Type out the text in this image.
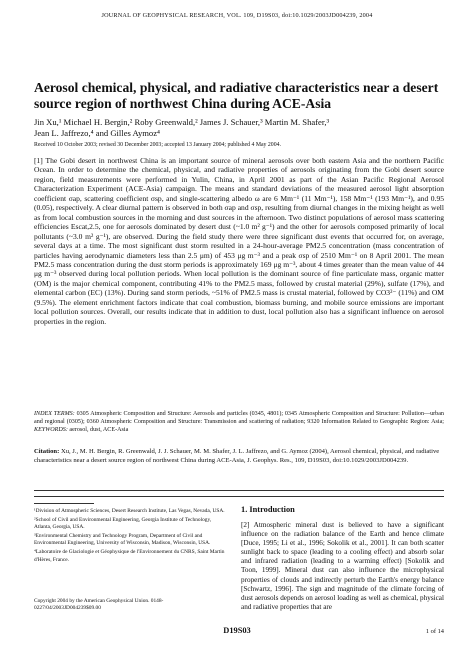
JOURNAL OF GEOPHYSICAL RESEARCH, VOL. 109, D19S03, doi:10.1029/2003JD004239, 2004
Aerosol chemical, physical, and radiative characteristics near a desert source region of northwest China during ACE-Asia
Jin Xu,¹ Michael H. Bergin,² Roby Greenwald,² James J. Schauer,³ Martin M. Shafer,³
Jean L. Jaffrezo,⁴ and Gilles Aymoz⁴
Received 10 October 2003; revised 30 December 2003; accepted 13 January 2004; published 4 May 2004.

[1] The Gobi desert in northwest China is an important source of mineral aerosols over both eastern Asia and the northern Pacific Ocean. In order to determine the chemical, physical, and radiative properties of aerosols originating from the Gobi desert source region, field measurements were performed in Yulin, China, in April 2001 as part of the Asian Pacific Regional Aerosol Characterization Experiment (ACE-Asia) campaign. The means and standard deviations of the measured aerosol light absorption coefficient σap, scattering coefficient σsp, and single-scattering albedo ω are 6 Mm⁻¹ (11 Mm⁻¹), 158 Mm⁻¹ (193 Mm⁻¹), and 0.95 (0.05), respectively. A clear diurnal pattern is observed in both σap and σsp, resulting from diurnal changes in the mixing height as well as from local combustion sources in the morning and dust sources in the afternoon. Two distinct populations of aerosol mass scattering efficiencies Escat,2.5, one for aerosols dominated by desert dust (~1.0 m² g⁻¹) and the other for aerosols composed primarily of local pollutants (~3.0 m² g⁻¹), are observed. During the field study there were three significant dust events that occurred for, on average, several days at a time. The most significant dust storm resulted in a 24-hour-average PM2.5 concentration (mass concentration of particles having aerodynamic diameters less than 2.5 μm) of 453 μg m⁻³ and a peak σsp of 2510 Mm⁻¹ on 8 April 2001. The mean PM2.5 mass concentration during the dust storm periods is approximately 169 μg m⁻³, about 4 times greater than the mean value of 44 μg m⁻³ observed during local pollution periods. When local pollution is the dominant source of fine particulate mass, organic matter (OM) is the major chemical component, contributing 41% to the PM2.5 mass, followed by crustal material (29%), sulfate (17%), and elemental carbon (EC) (13%). During sand storm periods, ~51% of PM2.5 mass is crustal material, followed by CO3²⁻ (11%) and OM (9.5%). The element enrichment factors indicate that coal combustion, biomass burning, and mobile source emissions are important local pollution sources. Overall, our results indicate that in addition to dust, local pollution also has a significant influence on aerosol properties in the region.

INDEX TERMS: 0305 Atmospheric Composition and Structure: Aerosols and particles (0345, 4801); 0345 Atmospheric Composition and Structure: Pollution—urban and regional (0305); 0360 Atmospheric Composition and Structure: Transmission and scattering of radiation; 9320 Information Related to Geographic Region: Asia; KEYWORDS: aerosol, dust, ACE-Asia
Citation: Xu, J., M. H. Bergin, R. Greenwald, J. J. Schauer, M. M. Shafer, J. L. Jaffrezo, and G. Aymoz (2004), Aerosol chemical, physical, and radiative characteristics near a desert source region of northwest China during ACE-Asia, J. Geophys. Res., 109, D19S03, doi:10.1029/2003JD004239.

¹Division of Atmospheric Sciences, Desert Research Institute, Las Vegas, Nevada, USA.

²School of Civil and Environmental Engineering, Georgia Institute of Technology, Atlanta, Georgia, USA.

³Environmental Chemistry and Technology Program, Department of Civil and Environmental Engineering, University of Wisconsin, Madison, Wisconsin, USA.

⁴Laboratoire de Glaciologie et Géophysique de l'Environnement du CNRS, Saint Martin d'Hères, France.

Copyright 2004 by the American Geophysical Union. 0148-0227/04/2003JD004239$09.00
1. Introduction

[2] Atmospheric mineral dust is believed to have a significant influence on the radiation balance of the Earth and hence climate [Duce, 1995; Li et al., 1996; Sokolik et al., 2001]. It can both scatter sunlight back to space (leading to a cooling effect) and absorb solar and infrared radiation (leading to a warming effect) [Sokolik and Toon, 1999]. Mineral dust can also influence the microphysical properties of clouds and indirectly perturb the Earth's energy balance [Schwartz, 1996]. The sign and magnitude of the climate forcing of dust aerosols depends on aerosol loading as well as chemical, physical and radiative properties that are

D19S03	1 of 14
